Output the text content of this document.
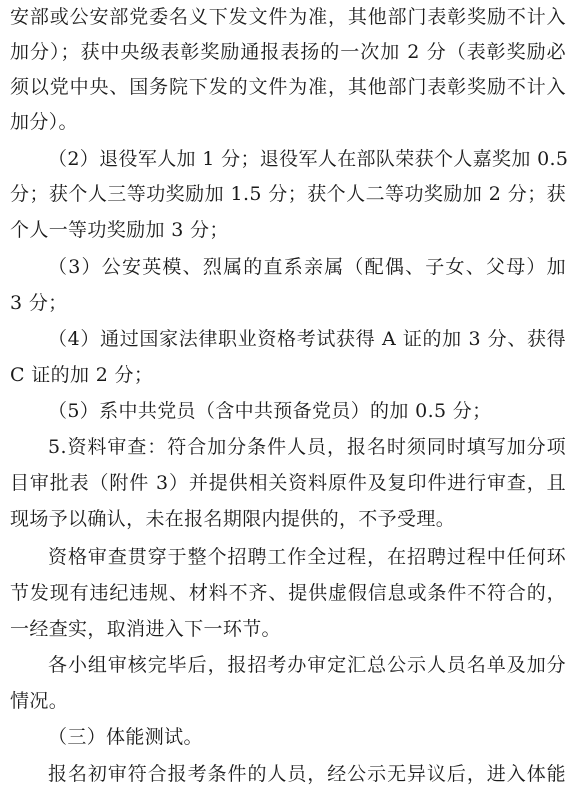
安部或公安部党委名义下发文件为准，其他部门表彰奖励不计入
加分）；获中央级表彰奖励通报表扬的一次加 2 分（表彰奖励必
须以党中央、国务院下发的文件为准，其他部门表彰奖励不计入
加分）。
（2）退役军人加 1 分；退役军人在部队荣获个人嘉奖加 0.5
分；获个人三等功奖励加 1.5 分；获个人二等功奖励加 2 分；获
个人一等功奖励加 3 分；
（3）公安英模、烈属的直系亲属（配偶、子女、父母）加
3 分；
（4）通过国家法律职业资格考试获得 A 证的加 3 分、获得
C 证的加 2 分；
（5）系中共党员（含中共预备党员）的加 0.5 分；
5.资料审查：符合加分条件人员，报名时须同时填写加分项
目审批表（附件 3）并提供相关资料原件及复印件进行审查，且
现场予以确认，未在报名期限内提供的，不予受理。
资格审查贯穿于整个招聘工作全过程，在招聘过程中任何环
节发现有违纪违规、材料不齐、提供虚假信息或条件不符合的，
一经查实，取消进入下一环节。
各小组审核完毕后，报招考办审定汇总公示人员名单及加分
情况。
（三）体能测试。
报名初审符合报考条件的人员，经公示无异议后，进入体能
